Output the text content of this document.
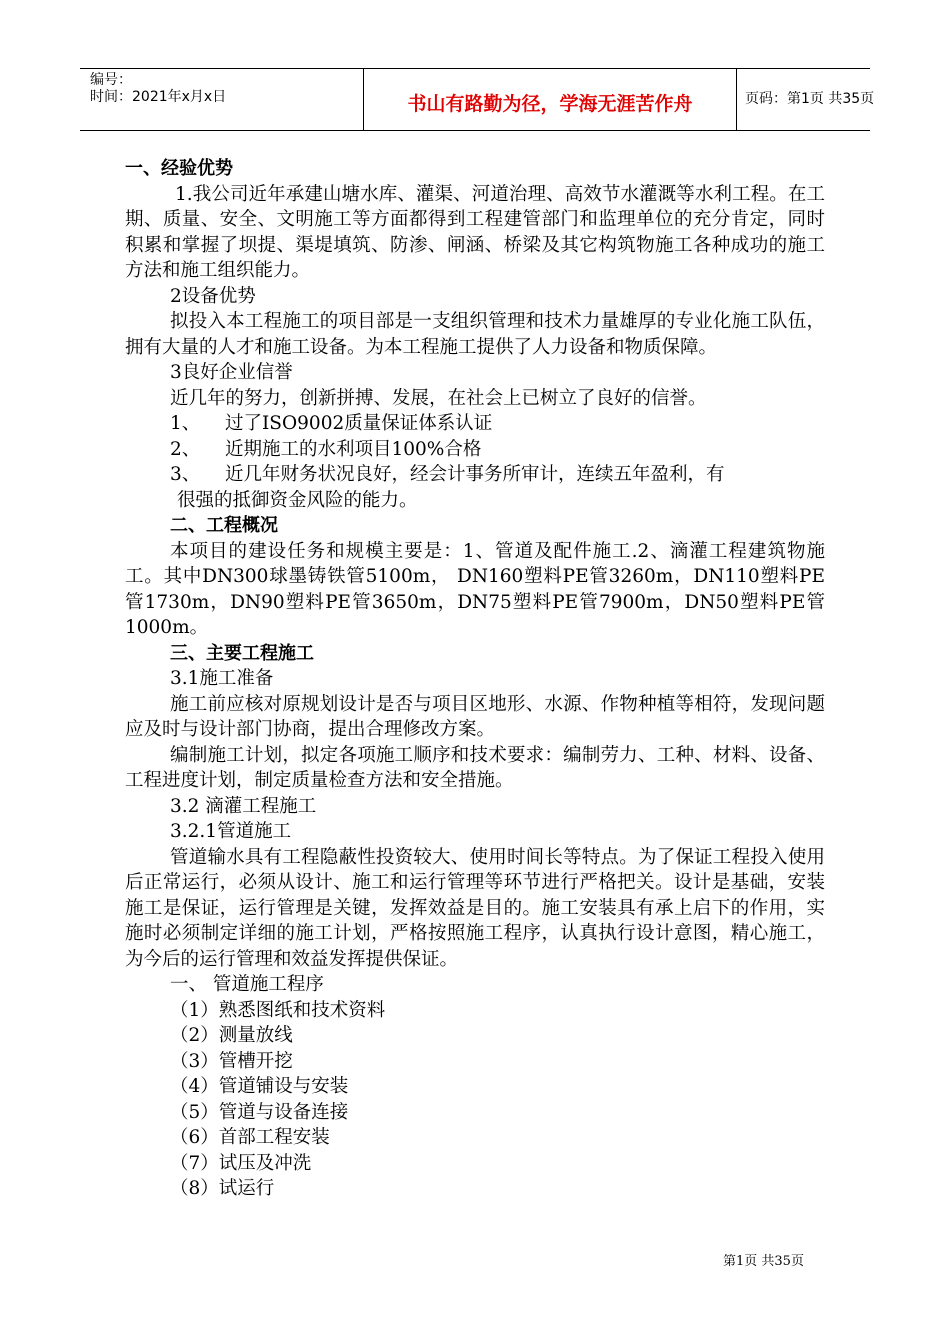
编号：
时间：2021年x月x日	书山有路勤为径，学海无涯苦作舟	页码：第1页 共35页

一、经验优势

1.我公司近年承建山塘水库、灌渠、河道治理、高效节水灌溉等水利工程。在工期、质量、安全、文明施工等方面都得到工程建管部门和监理单位的充分肯定，同时积累和掌握了坝提、渠堤填筑、防渗、闸涵、桥梁及其它构筑物施工各种成功的施工方法和施工组织能力。

2设备优势

拟投入本工程施工的项目部是一支组织管理和技术力量雄厚的专业化施工队伍，拥有大量的人才和施工设备。为本工程施工提供了人力设备和物质保障。

3良好企业信誉

近几年的努力，创新拼搏、发展，在社会上已树立了良好的信誉。

1、 过了ISO9002质量保证体系认证

2、 近期施工的水利项目100%合格

3、 近几年财务状况良好，经会计事务所审计，连续五年盈利，有

很强的抵御资金风险的能力。

二、工程概况

本项目的建设任务和规模主要是：1、管道及配件施工.2、滴灌工程建筑物施工。其中DN300球墨铸铁管5100m， DN160塑料PE管3260m，DN110塑料PE管1730m，DN90塑料PE管3650m，DN75塑料PE管7900m，DN50塑料PE管1000m。

三、主要工程施工

3.1施工准备

施工前应核对原规划设计是否与项目区地形、水源、作物种植等相符，发现问题应及时与设计部门协商，提出合理修改方案。

编制施工计划，拟定各项施工顺序和技术要求：编制劳力、工种、材料、设备、工程进度计划，制定质量检查方法和安全措施。

3.2 滴灌工程施工

3.2.1管道施工

管道输水具有工程隐蔽性投资较大、使用时间长等特点。为了保证工程投入使用后正常运行，必须从设计、施工和运行管理等环节进行严格把关。设计是基础，安装施工是保证，运行管理是关键，发挥效益是目的。施工安装具有承上启下的作用，实施时必须制定详细的施工计划，严格按照施工程序，认真执行设计意图，精心施工，为今后的运行管理和效益发挥提供保证。

一、 管道施工程序

（1）熟悉图纸和技术资料

（2）测量放线

（3）管槽开挖

（4）管道铺设与安装

（5）管道与设备连接

（6）首部工程安装

（7）试压及冲洗

（8）试运行

第1页 共35页
